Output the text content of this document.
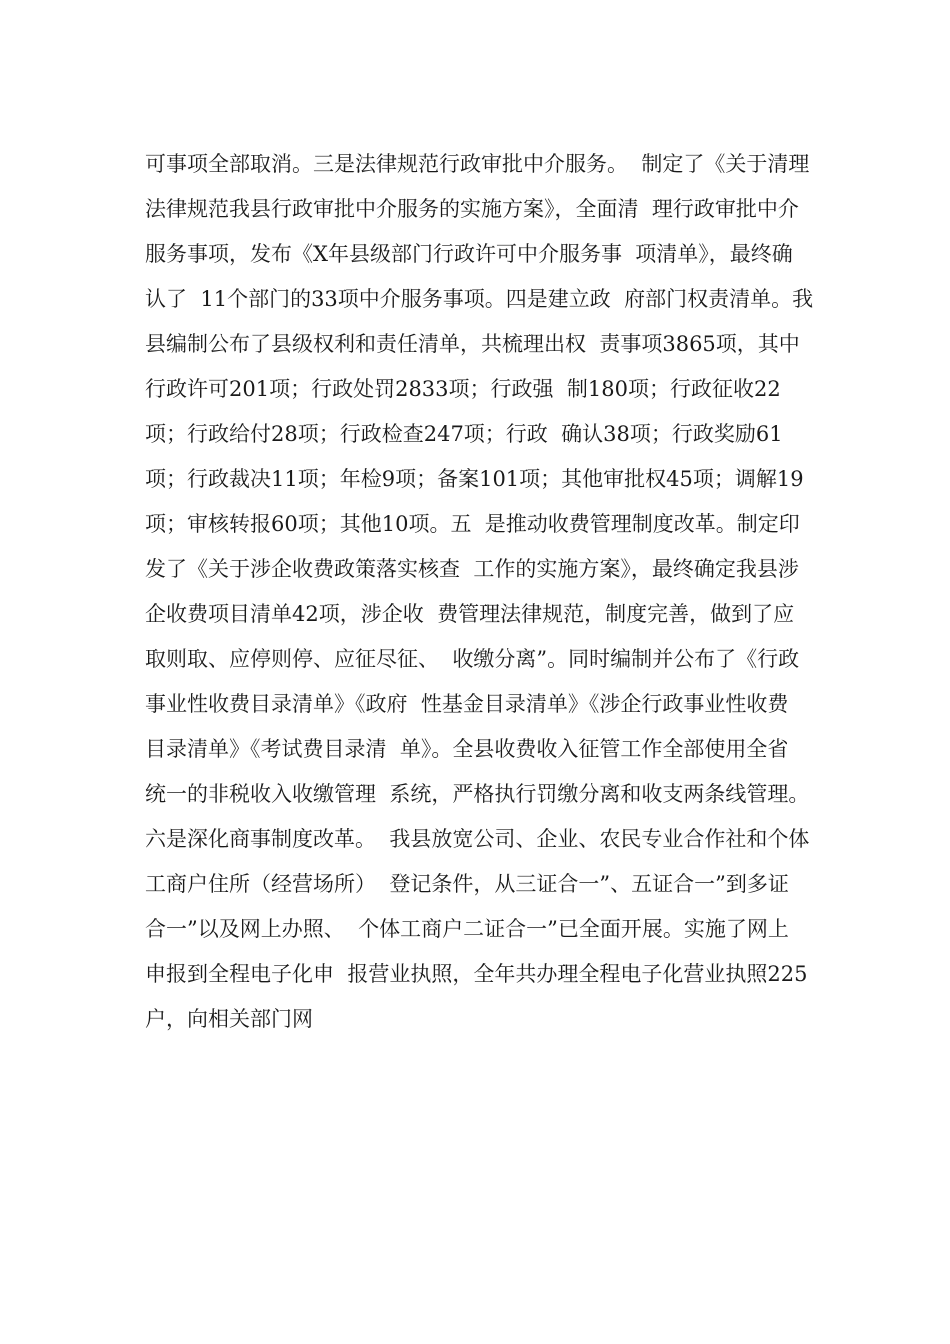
可事项全部取消。三是法律规范行政审批中介服务。  制定了《关于清理
法律规范我县行政审批中介服务的实施方案》，全面清  理行政审批中介
服务事项，发布《X年县级部门行政许可中介服务事  项清单》，最终确
认了  11个部门的33项中介服务事项。四是建立政  府部门权责清单。我
县编制公布了县级权利和责任清单，共梳理出权  责事项3865项，其中
行政许可201项；行政处罚2833项；行政强  制180项；行政征收22
项；行政给付28项；行政检查247项；行政  确认38项；行政奖励61
项；行政裁决11项；年检9项；备案101项；其他审批权45项；调解19
项；审核转报60项；其他10项。五  是推动收费管理制度改革。制定印
发了《关于涉企收费政策落实核查  工作的实施方案》，最终确定我县涉
企收费项目清单42项，涉企收  费管理法律规范，制度完善，做到了应
取则取、应停则停、应征尽征、  收缴分离”。同时编制并公布了《行政
事业性收费目录清单》《政府  性基金目录清单》《涉企行政事业性收费
目录清单》《考试费目录清  单》。全县收费收入征管工作全部使用全省
统一的非税收入收缴管理  系统，严格执行罚缴分离和收支两条线管理。
六是深化商事制度改革。  我县放宽公司、企业、农民专业合作社和个体
工商户住所（经营场所）  登记条件，从三证合一”、五证合一”到多证
合一”以及网上办照、  个体工商户二证合一”已全面开展。实施了网上
申报到全程电子化申  报营业执照，全年共办理全程电子化营业执照225
户，向相关部门网
